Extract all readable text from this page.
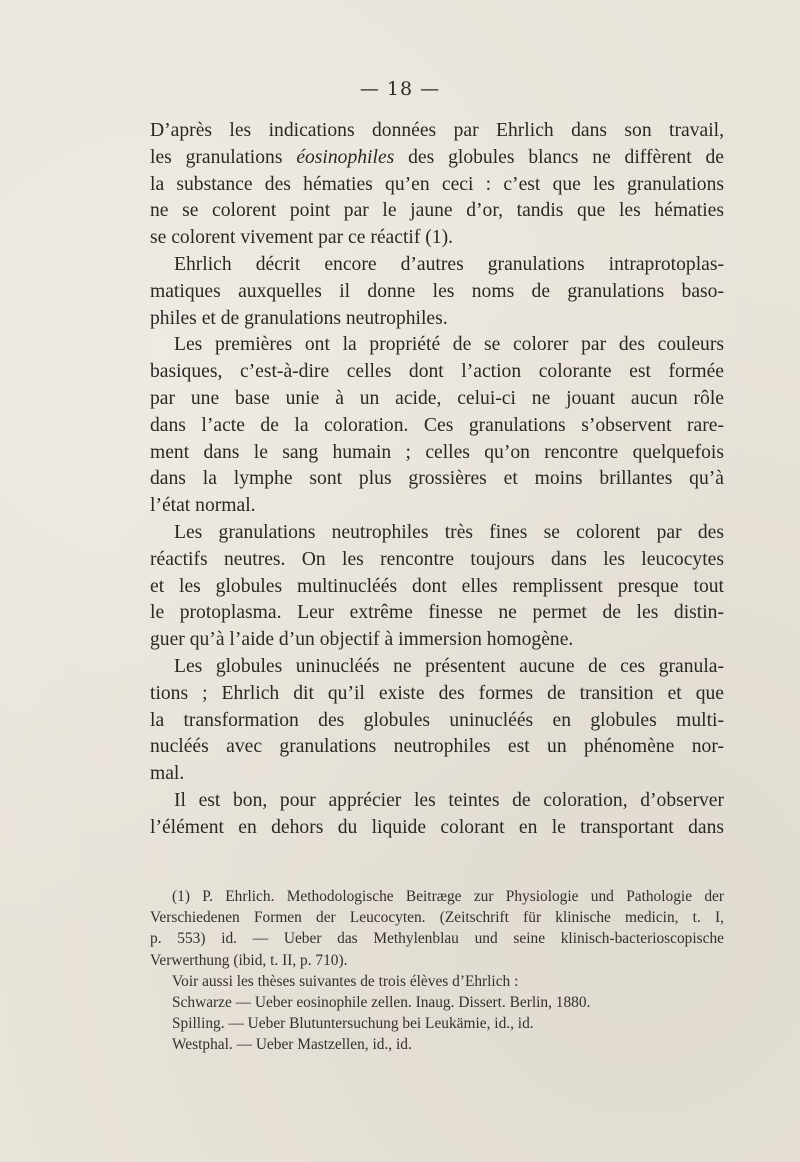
— 18 —
D’après les indications données par Ehrlich dans son travail,
les granulations éosinophiles des globules blancs ne diffèrent de
la substance des hématies qu’en ceci : c’est que les granulations
ne se colorent point par le jaune d’or, tandis que les hématies
se colorent vivement par ce réactif (1).
Ehrlich décrit encore d’autres granulations intraprotoplas-
matiques auxquelles il donne les noms de granulations baso-
philes et de granulations neutrophiles.
Les premières ont la propriété de se colorer par des couleurs
basiques, c’est-à-dire celles dont l’action colorante est formée
par une base unie à un acide, celui-ci ne jouant aucun rôle
dans l’acte de la coloration. Ces granulations s’observent rare-
ment dans le sang humain ; celles qu’on rencontre quelquefois
dans la lymphe sont plus grossières et moins brillantes qu’à
l’état normal.
Les granulations neutrophiles très fines se colorent par des
réactifs neutres. On les rencontre toujours dans les leucocytes
et les globules multinucléés dont elles remplissent presque tout
le protoplasma. Leur extrême finesse ne permet de les distin-
guer qu’à l’aide d’un objectif à immersion homogène.
Les globules uninucléés ne présentent aucune de ces granula-
tions ; Ehrlich dit qu’il existe des formes de transition et que
la transformation des globules uninucléés en globules multi-
nucléés avec granulations neutrophiles est un phénomène nor-
mal.
Il est bon, pour apprécier les teintes de coloration, d’observer
l’élément en dehors du liquide colorant en le transportant dans
(1) P. Ehrlich. Methodologische Beitræge zur Physiologie und Pathologie der
Verschiedenen Formen der Leucocyten. (Zeitschrift für klinische medicin, t. I,
p. 553) id. — Ueber das Methylenblau und seine klinisch-bacterioscopische
Verwerthung (ibid, t. II, p. 710).
Voir aussi les thèses suivantes de trois élèves d’Ehrlich :
Schwarze — Ueber eosinophile zellen. Inaug. Dissert. Berlin, 1880.
Spilling. — Ueber Blutuntersuchung bei Leukämie, id., id.
Westphal. — Ueber Mastzellen, id., id.
